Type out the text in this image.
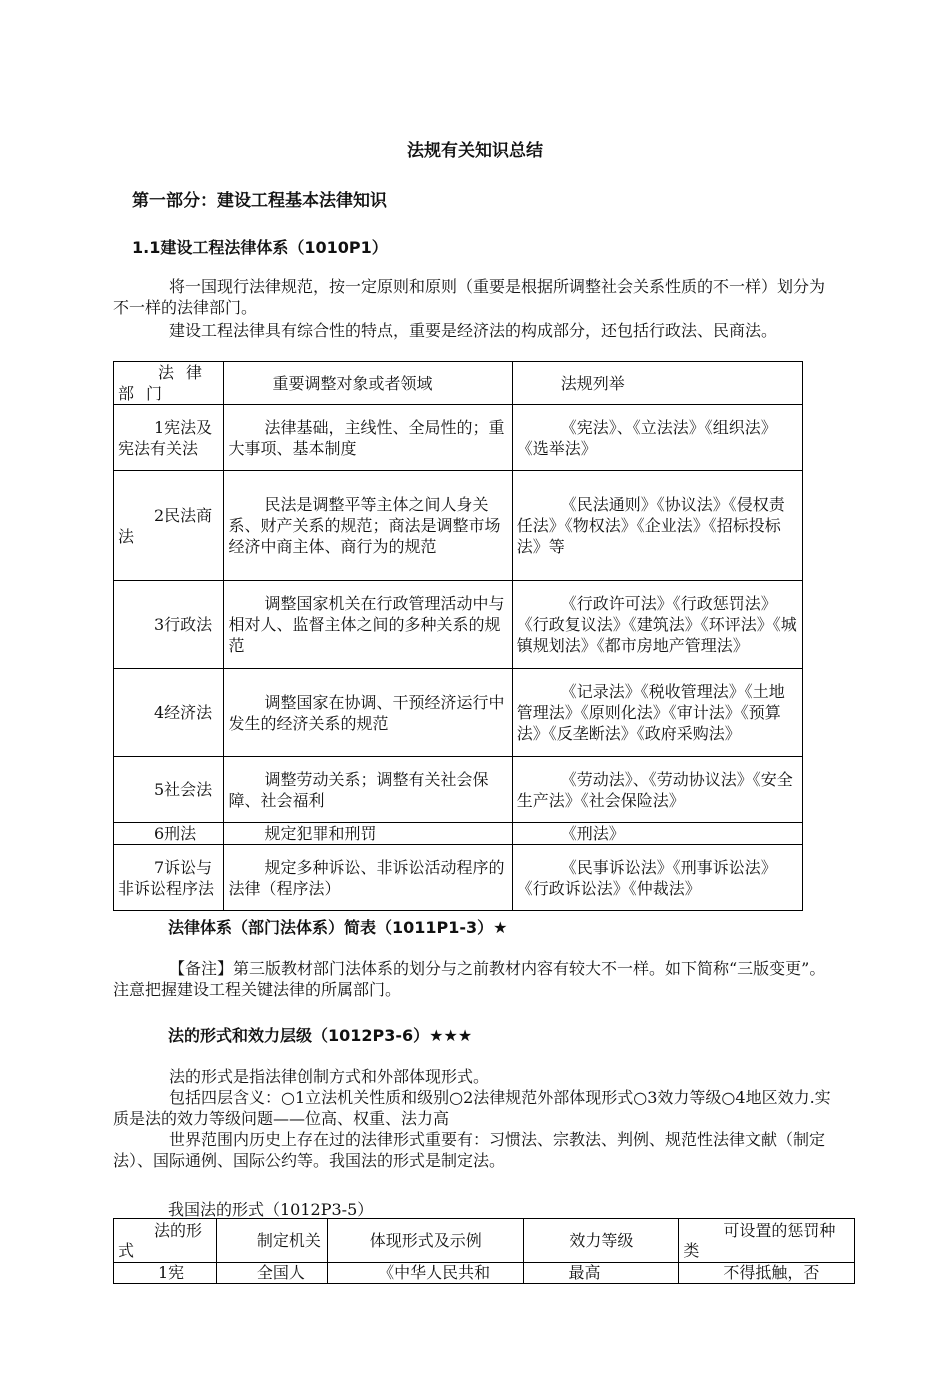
法规有关知识总结
第一部分：建设工程基本法律知识
1.1建设工程法律体系（1010P1）
将一国现行法律规范，按一定原则和原则（重要是根据所调整社会关系性质的不一样）划分为不一样的法律部门。
建设工程法律具有综合性的特点，重要是经济法的构成部分，还包括行政法、民商法。
法律部门	重要调整对象或者领域	法规列举
1宪法及宪法有关法	法律基础，主线性、全局性的；重大事项、基本制度	《宪法》、《立法法》《组织法》《选举法》
2民法商法	民法是调整平等主体之间人身关系、财产关系的规范；商法是调整市场经济中商主体、商行为的规范	《民法通则》《协议法》《侵权责任法》《物权法》《企业法》《招标投标法》等
3行政法	调整国家机关在行政管理活动中与相对人、监督主体之间的多种关系的规范	《行政许可法》《行政惩罚法》《行政复议法》《建筑法》《环评法》《城镇规划法》《都市房地产管理法》
4经济法	调整国家在协调、干预经济运行中发生的经济关系的规范	《记录法》《税收管理法》《土地管理法》《原则化法》《审计法》《预算法》《反垄断法》《政府采购法》
5社会法	调整劳动关系；调整有关社会保障、社会福利	《劳动法》、《劳动协议法》《安全生产法》《社会保险法》
6刑法	规定犯罪和刑罚	《刑法》
7诉讼与非诉讼程序法	规定多种诉讼、非诉讼活动程序的法律（程序法）	《民事诉讼法》《刑事诉讼法》《行政诉讼法》《仲裁法》
法律体系（部门法体系）简表（1011P1-3）★
【备注】第三版教材部门法体系的划分与之前教材内容有较大不一样。如下简称“三版变更”。注意把握建设工程关键法律的所属部门。
法的形式和效力层级（1012P3-6）★★★
法的形式是指法律创制方式和外部体现形式。
包括四层含义：○1立法机关性质和级别○2法律规范外部体现形式○3效力等级○4地区效力.实质是法的效力等级问题——位高、权重、法力高
世界范围内历史上存在过的法律形式重要有：习惯法、宗教法、判例、规范性法律文献（制定法）、国际通例、国际公约等。我国法的形式是制定法。
我国法的形式（1012P3-5）
法的形式	制定机关	体现形式及示例	效力等级	可设置的惩罚种类
1宪	全国人	《中华人民共和	最高	不得抵触，否
